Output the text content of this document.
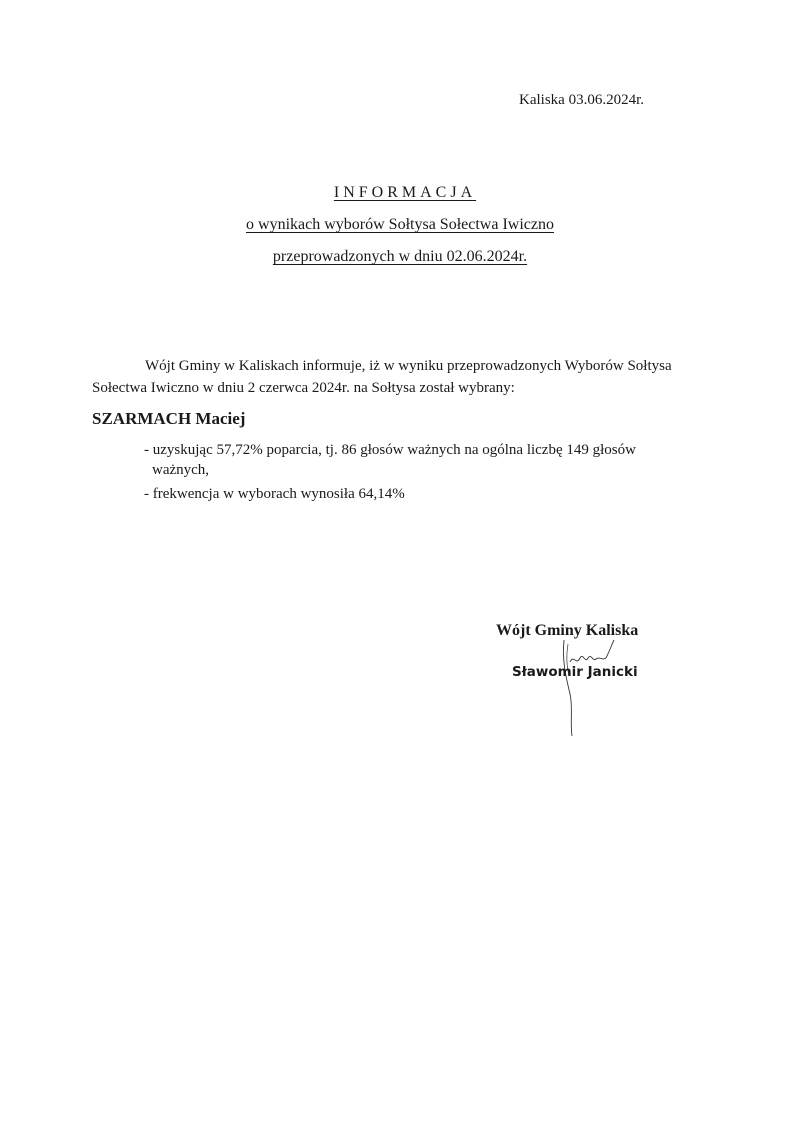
Kaliska 03.06.2024r.
INFORMACJA
o wynikach wyborów Sołtysa Sołectwa Iwiczno
przeprowadzonych w dniu 02.06.2024r.
Wójt Gminy w Kaliskach informuje, iż w wyniku przeprowadzonych Wyborów Sołtysa Sołectwa Iwiczno w dniu 2 czerwca 2024r. na Sołtysa został wybrany:
SZARMACH Maciej
- uzyskując 57,72% poparcia, tj. 86 głosów ważnych na ogólna liczbę 149 głosów
ważnych,
- frekwencja w wyborach wynosiła 64,14%
Wójt Gminy Kaliska
Sławomir Janicki
